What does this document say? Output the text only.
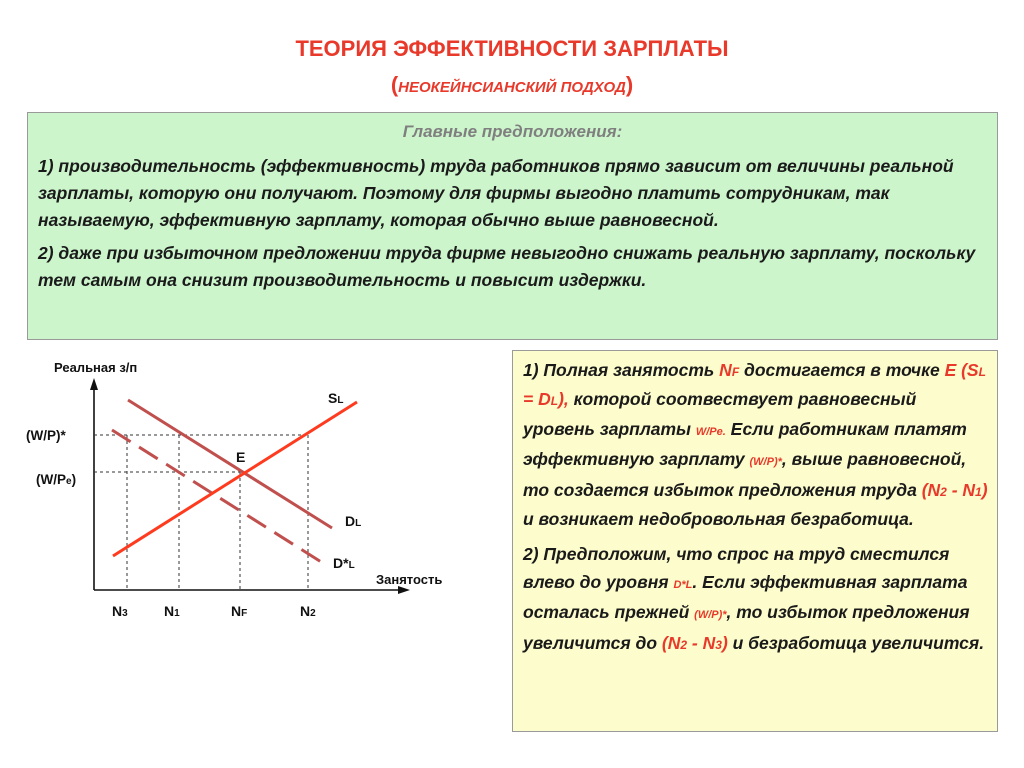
ТЕОРИЯ ЭФФЕКТИВНОСТИ ЗАРПЛАТЫ
(НЕОКЕЙНСИАНСКИЙ ПОДХОД)
Главные предположения:

1) производительность (эффективность) труда работников прямо зависит от величины реальной зарплаты, которую они получают. Поэтому для фирмы выгодно платить сотрудникам, так называемую, эффективную зарплату, которая обычно выше равновесной.

2) даже при избыточном предложении труда фирме невыгодно снижать реальную зарплату, поскольку тем самым она снизит производительность и повысит издержки.

Реальная з/п
Занятость
(W/P)*
(W/Pe)
N3	N1	NF	N2
SL
DL
D*L
E

1) Полная занятость NF достигается в точке E (SL = DL), которой соотвествует равновесный уровень зарплаты W/Pe. Если работникам платят эффективную зарплату (W/P)*, выше равновесной, то создается избыток предложения труда (N2 - N1) и возникает недобровольная безработица.

2) Предположим, что спрос на труд сместился влево до уровня D*L. Если эффективная зарплата осталась прежней (W/P)*, то избыток предложения увеличится до (N2 - N3) и безработица увеличится.
